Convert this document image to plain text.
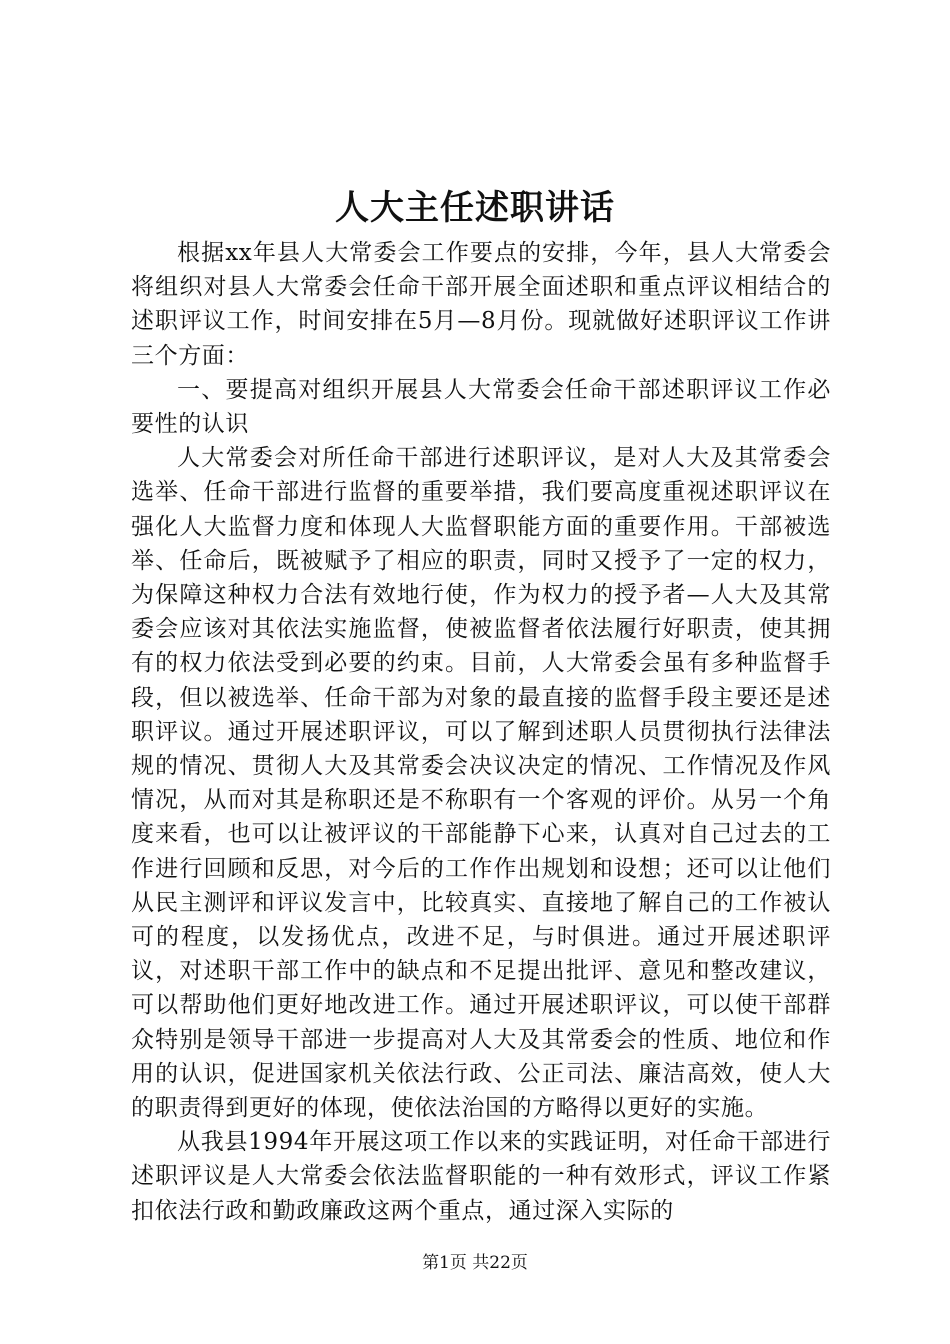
人大主任述职讲话

根据xx年县人大常委会工作要点的安排，今年，县人大常委会将组织对县人大常委会任命干部开展全面述职和重点评议相结合的述职评议工作，时间安排在5月—8月份。现就做好述职评议工作讲三个方面：

一、要提高对组织开展县人大常委会任命干部述职评议工作必要性的认识

人大常委会对所任命干部进行述职评议，是对人大及其常委会选举、任命干部进行监督的重要举措，我们要高度重视述职评议在强化人大监督力度和体现人大监督职能方面的重要作用。干部被选举、任命后，既被赋予了相应的职责，同时又授予了一定的权力，为保障这种权力合法有效地行使，作为权力的授予者—人大及其常委会应该对其依法实施监督，使被监督者依法履行好职责，使其拥有的权力依法受到必要的约束。目前，人大常委会虽有多种监督手段，但以被选举、任命干部为对象的最直接的监督手段主要还是述职评议。通过开展述职评议，可以了解到述职人员贯彻执行法律法规的情况、贯彻人大及其常委会决议决定的情况、工作情况及作风情况，从而对其是称职还是不称职有一个客观的评价。从另一个角度来看，也可以让被评议的干部能静下心来，认真对自己过去的工作进行回顾和反思，对今后的工作作出规划和设想；还可以让他们从民主测评和评议发言中，比较真实、直接地了解自己的工作被认可的程度，以发扬优点，改进不足，与时俱进。通过开展述职评议，对述职干部工作中的缺点和不足提出批评、意见和整改建议，可以帮助他们更好地改进工作。通过开展述职评议，可以使干部群众特别是领导干部进一步提高对人大及其常委会的性质、地位和作用的认识，促进国家机关依法行政、公正司法、廉洁高效，使人大的职责得到更好的体现，使依法治国的方略得以更好的实施。

从我县1994年开展这项工作以来的实践证明，对任命干部进行述职评议是人大常委会依法监督职能的一种有效形式，评议工作紧扣依法行政和勤政廉政这两个重点，通过深入实际的

第1页 共22页
